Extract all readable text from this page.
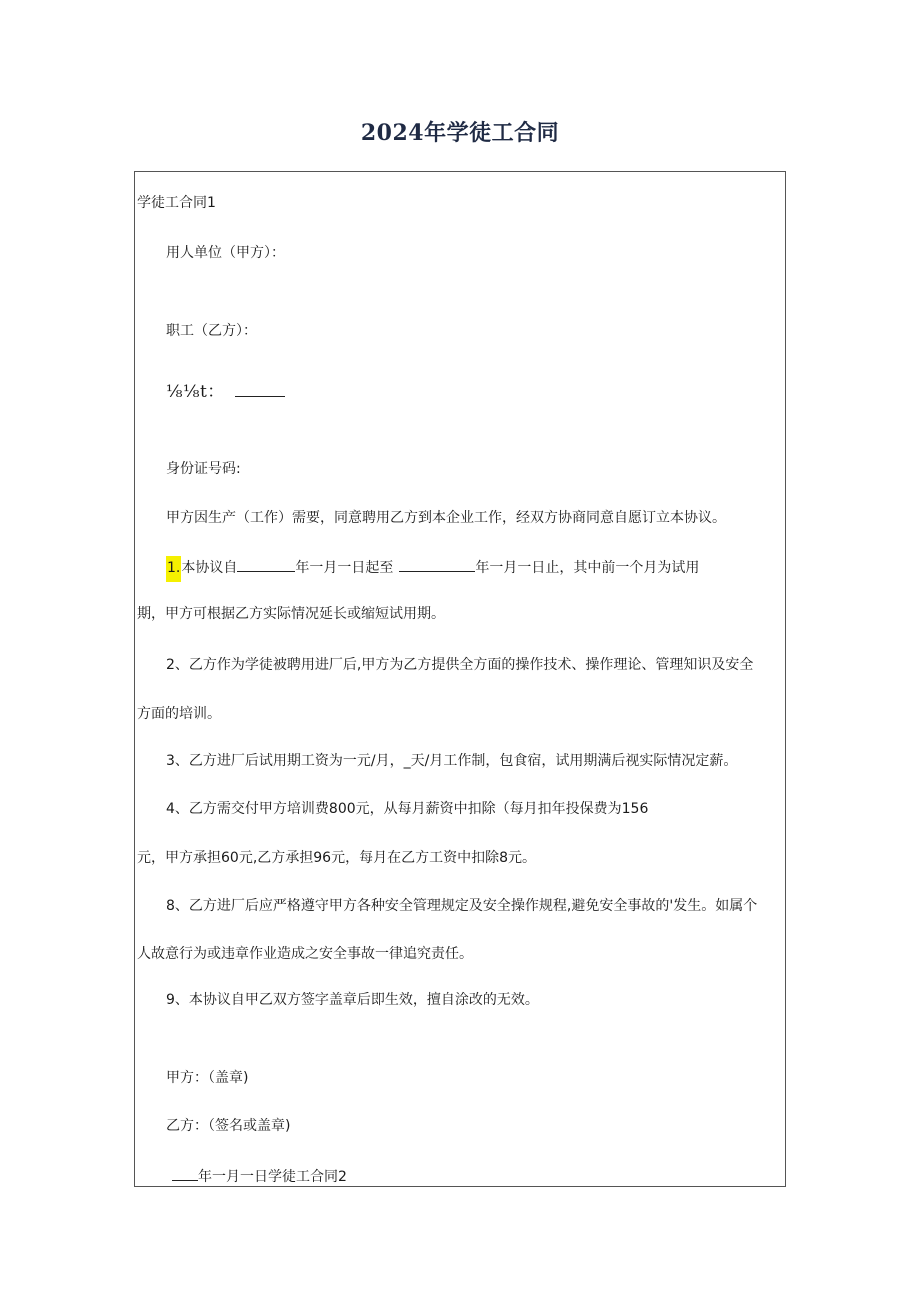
2024年学徒工合同
学徒工合同1
用人单位（甲方）：
职工（乙方）：
⅛⅛t：
身份证号码:
甲方因生产（工作）需要，同意聘用乙方到本企业工作，经双方协商同意自愿订立本协议。
1.本协议自	年一月一日起至	年一月一日止，其中前一个月为试用
期，甲方可根据乙方实际情况延长或缩短试用期。
2、乙方作为学徒被聘用进厂后,甲方为乙方提供全方面的操作技术、操作理论、管理知识及安全
方面的培训。
3、乙方进厂后试用期工资为一元/月，_天/月工作制，包食宿，试用期满后视实际情况定薪。
4、乙方需交付甲方培训费800元，从每月薪资中扣除（每月扣年投保费为156
元，甲方承担60元,乙方承担96元，每月在乙方工资中扣除8元。
8、乙方进厂后应严格遵守甲方各种安全管理规定及安全操作规程,避免安全事故的'发生。如属个
人故意行为或违章作业造成之安全事故一律追究责任。
9、本协议自甲乙双方签字盖章后即生效，擅自涂改的无效。
甲方：（盖章)
乙方：（签名或盖章)
年一月一日学徒工合同2
